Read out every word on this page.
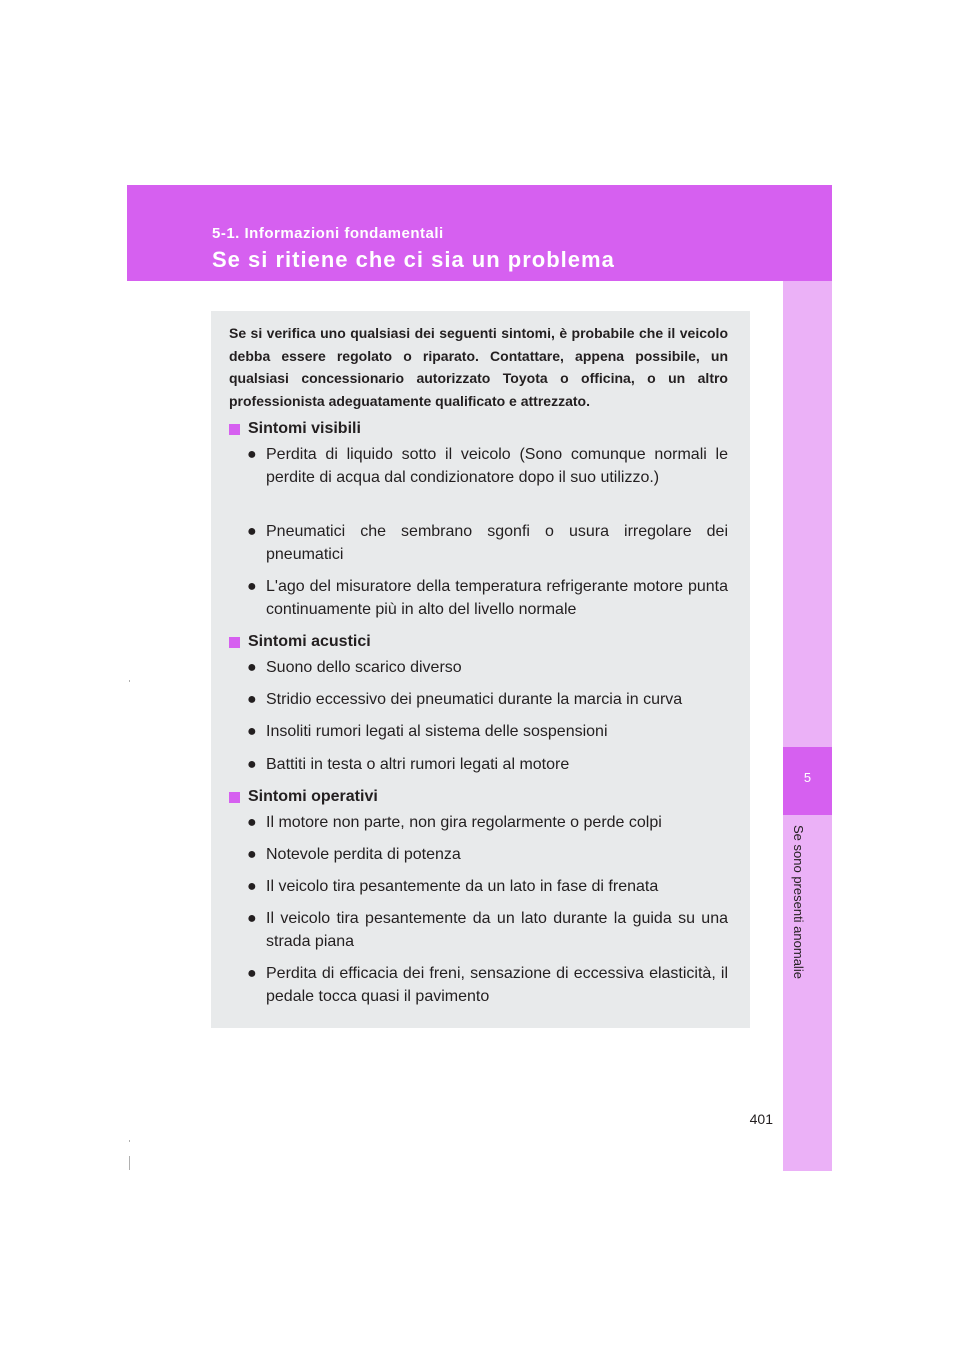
5-1. Informazioni fondamentali
Se si ritiene che ci sia un problema
5
Se sono presenti anomalie

Se si verifica uno qualsiasi dei seguenti sintomi, è probabile che il veicolo debba essere regolato o riparato. Contattare, appena possibile, un qualsiasi concessionario autorizzato Toyota o officina, o un altro professionista adeguatamente qualificato e attrezzato.

Sintomi visibili
● Perdita di liquido sotto il veicolo (Sono comunque normali le perdite di acqua dal condizionatore dopo il suo utilizzo.)
● Pneumatici che sembrano sgonfi o usura irregolare dei pneumatici
● L'ago del misuratore della temperatura refrigerante motore punta continuamente più in alto del livello normale
Sintomi acustici
● Suono dello scarico diverso
● Stridio eccessivo dei pneumatici durante la marcia in curva
● Insoliti rumori legati al sistema delle sospensioni
● Battiti in testa o altri rumori legati al motore
Sintomi operativi
● Il motore non parte, non gira regolarmente o perde colpi
● Notevole perdita di potenza
● Il veicolo tira pesantemente da un lato in fase di frenata
● Il veicolo tira pesantemente da un lato durante la guida su una strada piana
● Perdita di efficacia dei freni, sensazione di eccessiva elasticità, il pedale tocca quasi il pavimento
401
